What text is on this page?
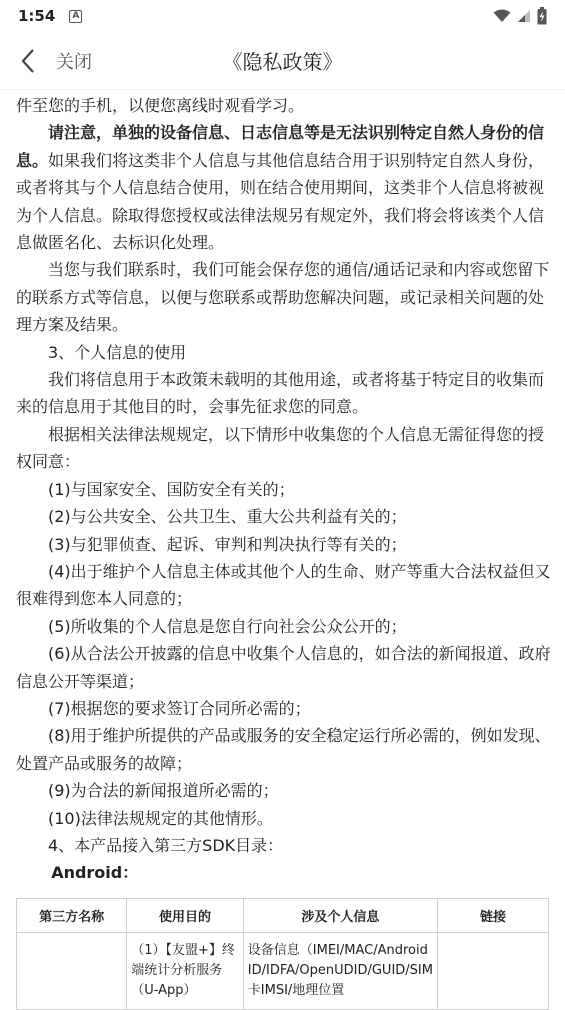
1:54	A
关闭	《隐私政策》

件至您的手机，以便您离线时观看学习。

请注意，单独的设备信息、日志信息等是无法识别特定自然人身份的信息。如果我们将这类非个人信息与其他信息结合用于识别特定自然人身份，或者将其与个人信息结合使用，则在结合使用期间，这类非个人信息将被视为个人信息。除取得您授权或法律法规另有规定外，我们将会将该类个人信息做匿名化、去标识化处理。

当您与我们联系时，我们可能会保存您的通信/通话记录和内容或您留下的联系方式等信息，以便与您联系或帮助您解决问题，或记录相关问题的处理方案及结果。

3、个人信息的使用

我们将信息用于本政策未载明的其他用途，或者将基于特定目的收集而来的信息用于其他目的时，会事先征求您的同意。

根据相关法律法规规定，以下情形中收集您的个人信息无需征得您的授权同意：

(1)与国家安全、国防安全有关的；

(2)与公共安全、公共卫生、重大公共利益有关的；

(3)与犯罪侦查、起诉、审判和判决执行等有关的；

(4)出于维护个人信息主体或其他个人的生命、财产等重大合法权益但又很难得到您本人同意的；

(5)所收集的个人信息是您自行向社会公众公开的；

(6)从合法公开披露的信息中收集个人信息的，如合法的新闻报道、政府信息公开等渠道；

(7)根据您的要求签订合同所必需的；

(8)用于维护所提供的产品或服务的安全稳定运行所必需的，例如发现、处置产品或服务的故障；

(9)为合法的新闻报道所必需的；

(10)法律法规规定的其他情形。

4、本产品接入第三方SDK目录：

Android：

第三方名称	使用目的	涉及个人信息	链接
	（1）【友盟+】终端统计分析服务（U-App）	设备信息（IMEI/MAC/Android ID/IDFA/OpenUDID/GUID/SIM卡IMSI/地理位置	
